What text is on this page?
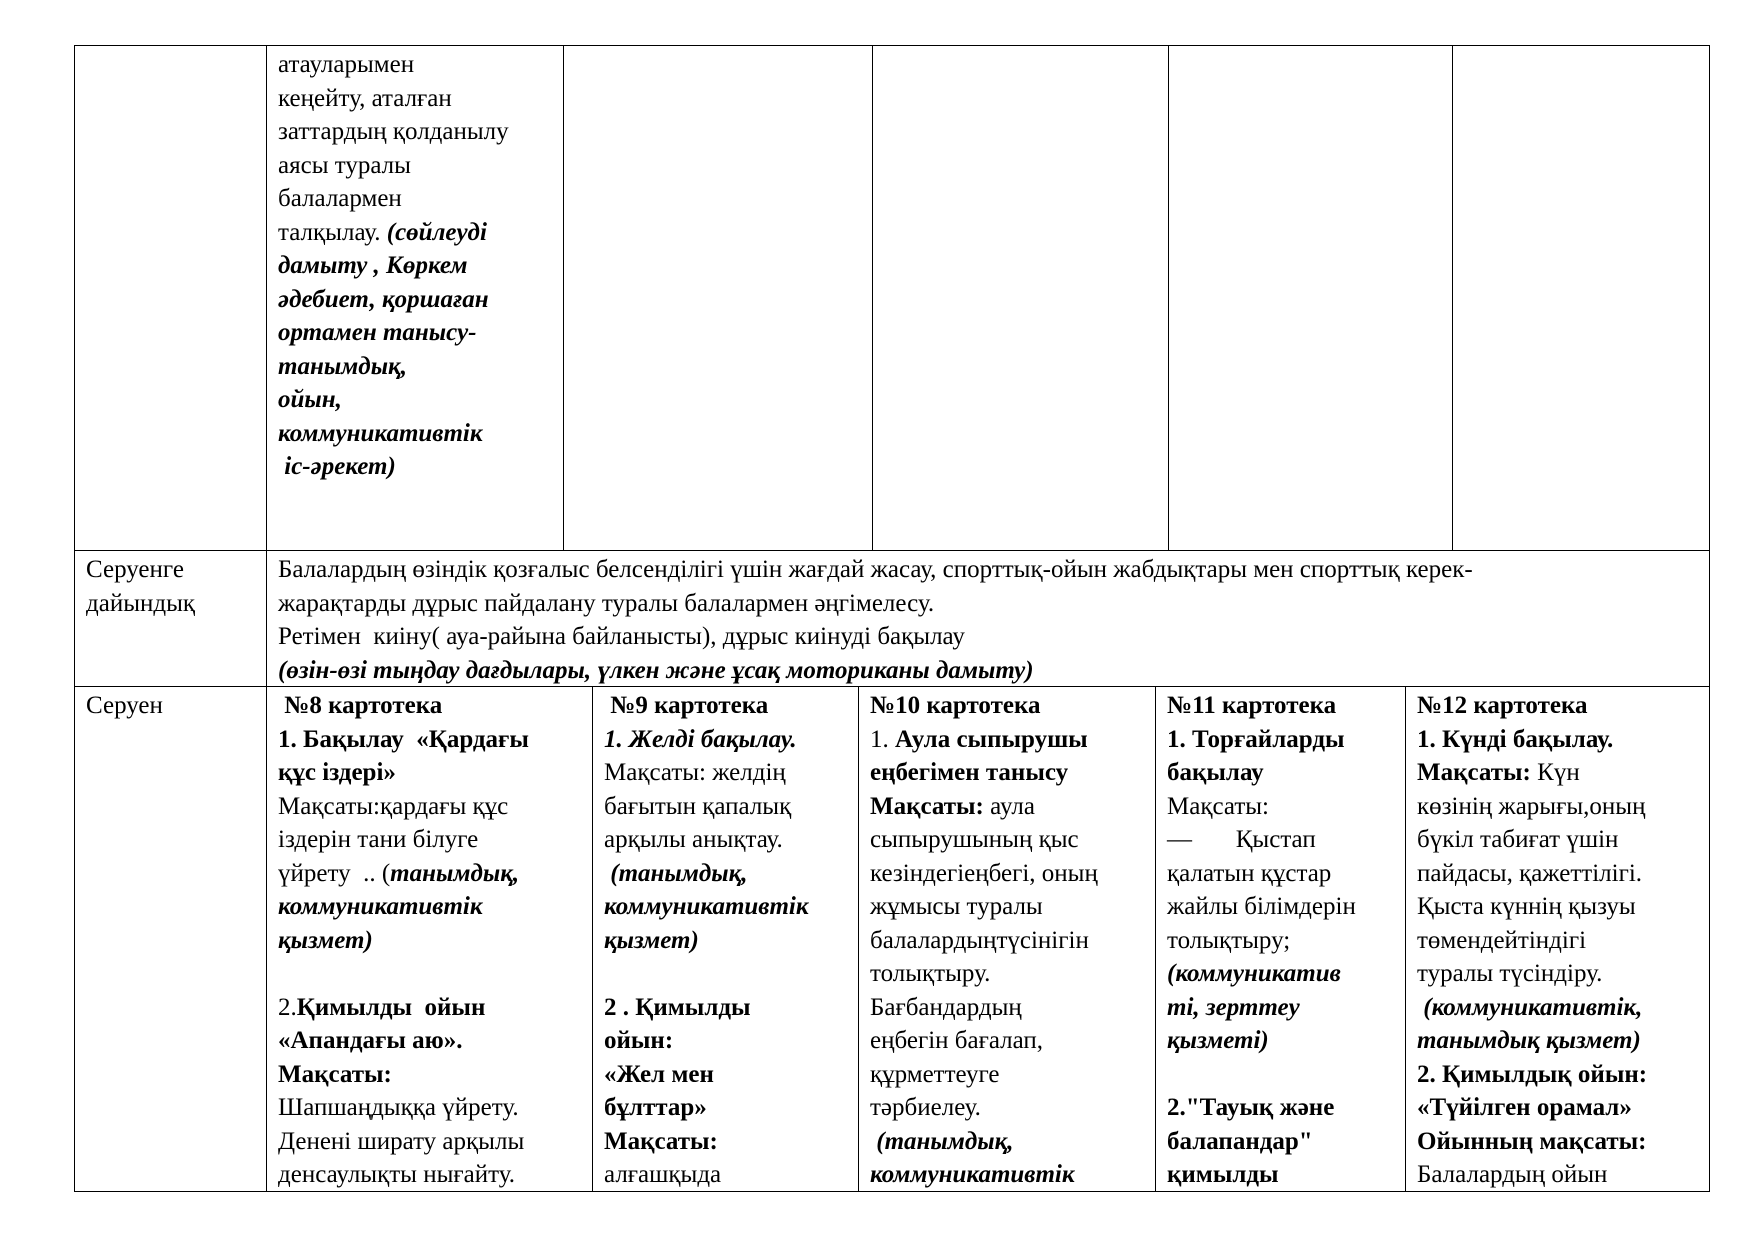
атауларымен

кеңейту, аталған

заттардың қолданылу

аясы туралы

балалармен

талқылау. (сөйлеуді

дамыту , Көркем

әдебиет, қоршаған

ортамен танысу-

танымдық,

ойын,

коммуникативтік

іс-әрекет)

Серуенге

дайындық

Балалардың өзіндік қозғалыс белсенділігі үшін жағдай жасау, спорттық-ойын жабдықтары мен спорттық керек-

жарақтарды дұрыс пайдалану туралы балалармен әңгімелесу.

Ретімен  киіну( ауа-райына байланысты), дұрыс киінуді бақылау

(өзін-өзі тыңдау дағдылары, үлкен және ұсақ моториканы дамыту)

Серуен	№8 картотека

1. Бақылау  «Қардағы

құс іздері»

Мақсаты:қардағы құс

іздерін тани білуге

үйрету  .. (танымдық,

коммуникативтік

қызмет)

2.Қимылды  ойын

«Апандағы аю».

Мақсаты:

Шапшаңдыққа үйрету.

Денені ширату арқылы

денсаулықты нығайту.

№9 картотека

1. Желді бақылау.

Мақсаты: желдің

бағытын қапалық

арқылы анықтау.

(танымдық,

коммуникативтік

қызмет)

2 . Қимылды

ойын:

«Жел мен

бұлттар»

Мақсаты:

алғашқыда

№10 картотека

1. Аула сыпырушы

еңбегімен танысу

Мақсаты: аула

сыпырушының қыс

кезіндегіеңбегі, оның

жұмысы туралы

балалардыңтүсінігін

толықтыру.

Бағбандардың

еңбегін бағалап,

құрметтеуге

тәрбиелеу.

(танымдық,

коммуникативтік

№11 картотека

1. Торғайларды

бақылау

Мақсаты:

—       Қыстап

қалатын құстар

жайлы білімдерін

толықтыру;

(коммуникатив

ті, зерттеу

қызметі)

2."Тауық және

балапандар"

қимылды

№12 картотека

1. Күнді бақылау.

Мақсаты: Күн

көзінің жарығы,оның

бүкіл табиғат үшін

пайдасы, қажеттілігі.

Қыста күннің қызуы

төмендейтіндігі

туралы түсіндіру.

(коммуникативтік,

танымдық қызмет)

2. Қимылдық ойын:

«Түйілген орамал»

Ойынның мақсаты:

Балалардың ойын
